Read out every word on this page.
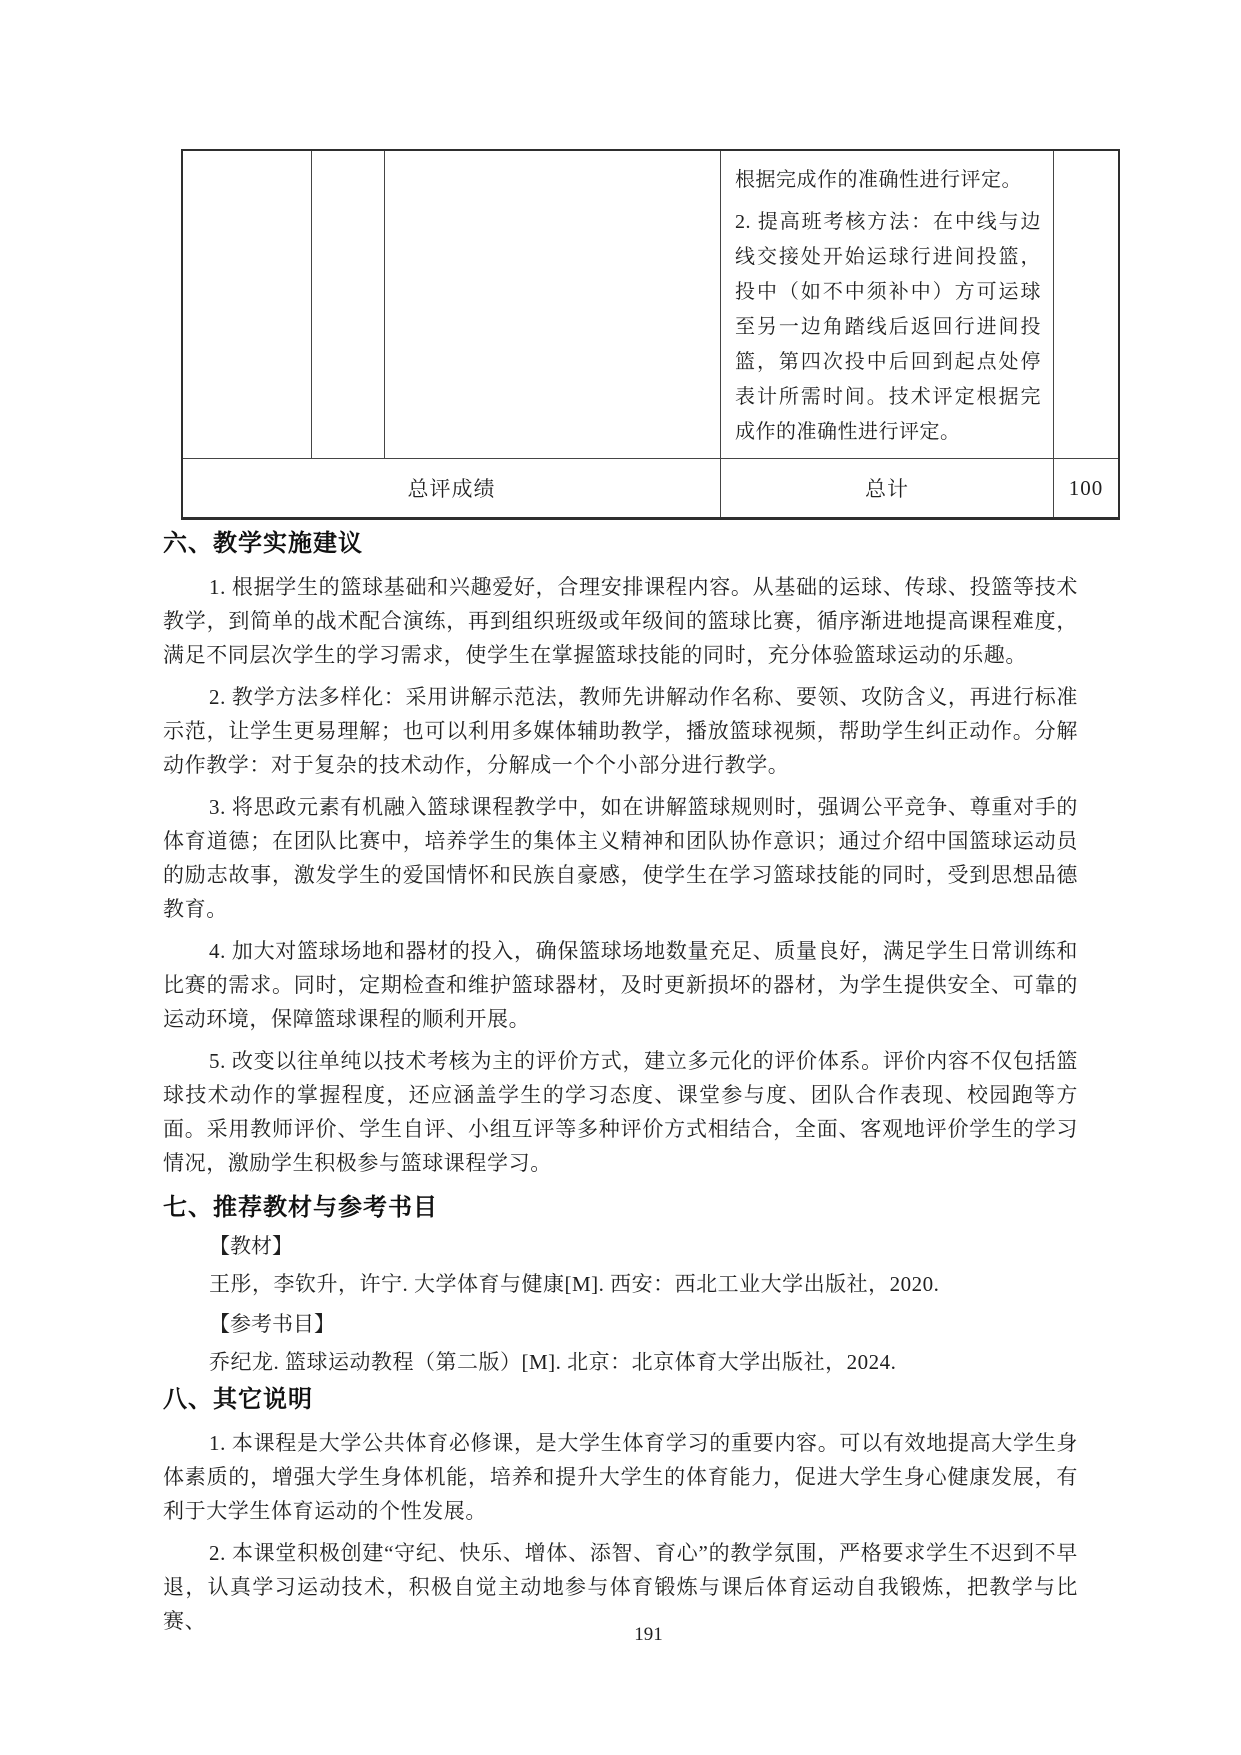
根据完成作的准确性进行评定。

2. 提高班考核方法：在中线与边线交接处开始运球行进间投篮，投中（如不中须补中）方可运球至另一边角踏线后返回行进间投篮，第四次投中后回到起点处停表计所需时间。技术评定根据完成作的准确性进行评定。

总评成绩	总计	100
六、教学实施建议

1. 根据学生的篮球基础和兴趣爱好，合理安排课程内容。从基础的运球、传球、投篮等技术教学，到简单的战术配合演练，再到组织班级或年级间的篮球比赛，循序渐进地提高课程难度，满足不同层次学生的学习需求，使学生在掌握篮球技能的同时，充分体验篮球运动的乐趣。

2. 教学方法多样化：采用讲解示范法，教师先讲解动作名称、要领、攻防含义，再进行标准示范，让学生更易理解；也可以利用多媒体辅助教学，播放篮球视频，帮助学生纠正动作。分解动作教学：对于复杂的技术动作，分解成一个个小部分进行教学。

3. 将思政元素有机融入篮球课程教学中，如在讲解篮球规则时，强调公平竞争、尊重对手的体育道德；在团队比赛中，培养学生的集体主义精神和团队协作意识；通过介绍中国篮球运动员的励志故事，激发学生的爱国情怀和民族自豪感，使学生在学习篮球技能的同时，受到思想品德教育。

4. 加大对篮球场地和器材的投入，确保篮球场地数量充足、质量良好，满足学生日常训练和比赛的需求。同时，定期检查和维护篮球器材，及时更新损坏的器材，为学生提供安全、可靠的运动环境，保障篮球课程的顺利开展。

5. 改变以往单纯以技术考核为主的评价方式，建立多元化的评价体系。评价内容不仅包括篮球技术动作的掌握程度，还应涵盖学生的学习态度、课堂参与度、团队合作表现、校园跑等方面。采用教师评价、学生自评、小组互评等多种评价方式相结合，全面、客观地评价学生的学习情况，激励学生积极参与篮球课程学习。

七、推荐教材与参考书目

【教材】

王彤，李钦升，许宁. 大学体育与健康[M]. 西安：西北工业大学出版社，2020.

【参考书目】

乔纪龙. 篮球运动教程（第二版）[M]. 北京：北京体育大学出版社，2024.

八、其它说明

1. 本课程是大学公共体育必修课，是大学生体育学习的重要内容。可以有效地提高大学生身体素质的，增强大学生身体机能，培养和提升大学生的体育能力，促进大学生身心健康发展，有利于大学生体育运动的个性发展。

2. 本课堂积极创建“守纪、快乐、增体、添智、育心”的教学氛围，严格要求学生不迟到不早退，认真学习运动技术，积极自觉主动地参与体育锻炼与课后体育运动自我锻炼，把教学与比赛、

191
